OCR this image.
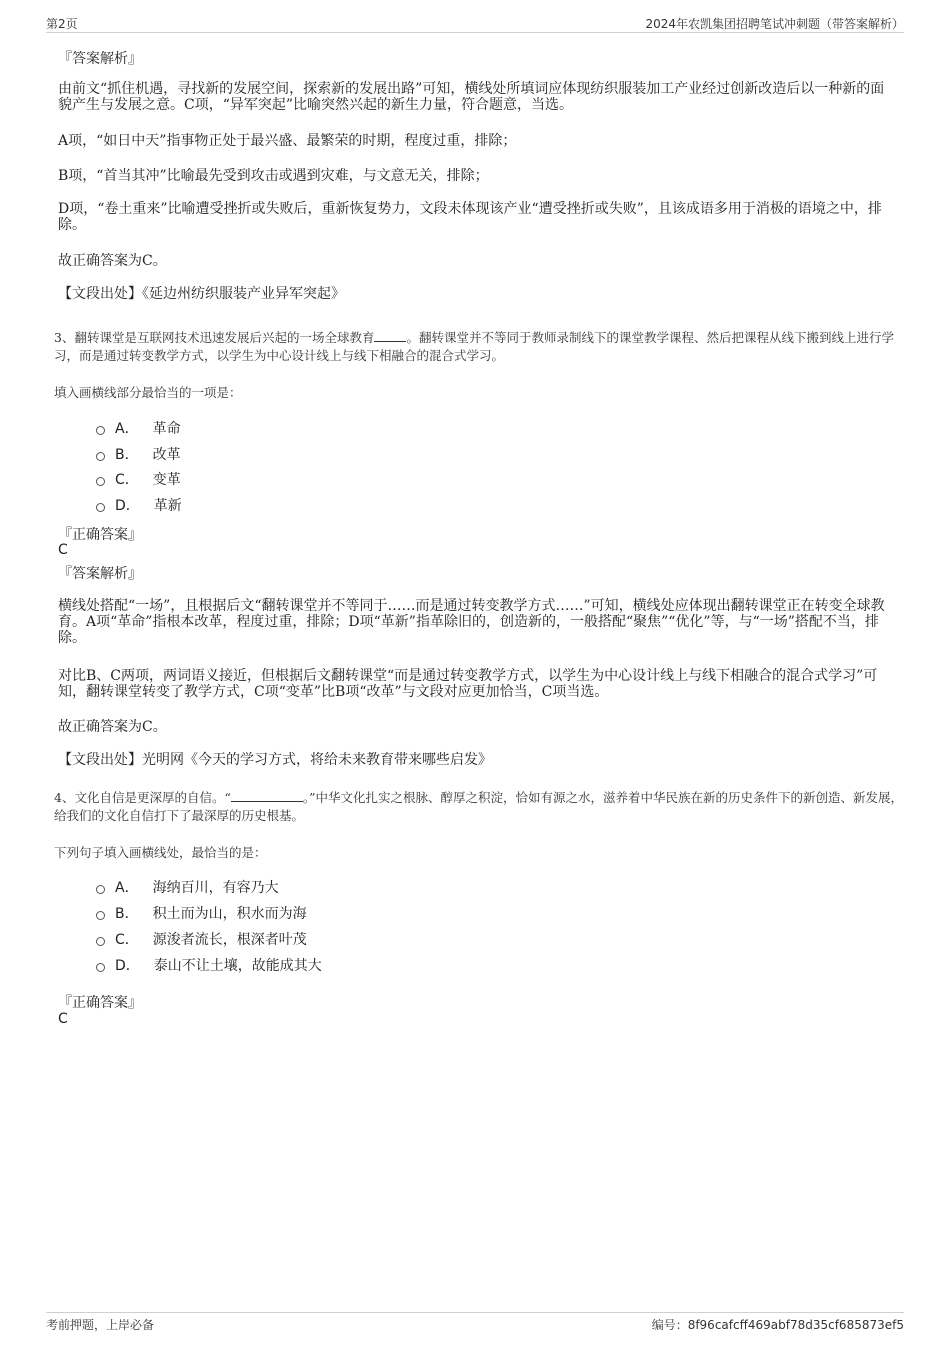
第2页	2024年农凯集团招聘笔试冲刺题（带答案解析）
『答案解析』
由前文“抓住机遇，寻找新的发展空间，探索新的发展出路”可知，横线处所填词应体现纺织服装加工产业经过创新改造后以一种新的面貌产生与发展之意。C项，“异军突起”比喻突然兴起的新生力量，符合题意，当选。
A项，“如日中天”指事物正处于最兴盛、最繁荣的时期，程度过重，排除；
B项，“首当其冲”比喻最先受到攻击或遇到灾难，与文意无关，排除；
D项，“卷土重来”比喻遭受挫折或失败后，重新恢复势力，文段未体现该产业“遭受挫折或失败”，且该成语多用于消极的语境之中，排除。
故正确答案为C。
【文段出处】《延边州纺织服装产业异军突起》
3、翻转课堂是互联网技术迅速发展后兴起的一场全球教育	。翻转课堂并不等同于教师录制线下的课堂教学课程、然后把课程从线下搬到线上进行学习，而是通过转变教学方式，以学生为中心设计线上与线下相融合的混合式学习。
填入画横线部分最恰当的一项是：
A． 革命
B． 改革
C． 变革
D． 革新
『正确答案』
C
『答案解析』
横线处搭配“一场”，且根据后文“翻转课堂并不等同于……而是通过转变教学方式……”可知，横线处应体现出翻转课堂正在转变全球教育。A项“革命”指根本改革，程度过重，排除；D项“革新”指革除旧的，创造新的，一般搭配“聚焦”“优化”等，与“一场”搭配不当，排除。
对比B、C两项，两词语义接近，但根据后文翻转课堂“而是通过转变教学方式，以学生为中心设计线上与线下相融合的混合式学习”可知，翻转课堂转变了教学方式，C项“变革”比B项“改革”与文段对应更加恰当，C项当选。
故正确答案为C。
【文段出处】光明网《今天的学习方式，将给未来教育带来哪些启发》
4、文化自信是更深厚的自信。“	。”中华文化扎实之根脉、醇厚之积淀，恰如有源之水，滋养着中华民族在新的历史条件下的新创造、新发展，给我们的文化自信打下了最深厚的历史根基。
下列句子填入画横线处，最恰当的是：
A． 海纳百川，有容乃大
B． 积土而为山，积水而为海
C． 源浚者流长，根深者叶茂
D． 泰山不让土壤，故能成其大
『正确答案』
C
考前押题，上岸必备	编号：8f96cafcff469abf78d35cf685873ef5
